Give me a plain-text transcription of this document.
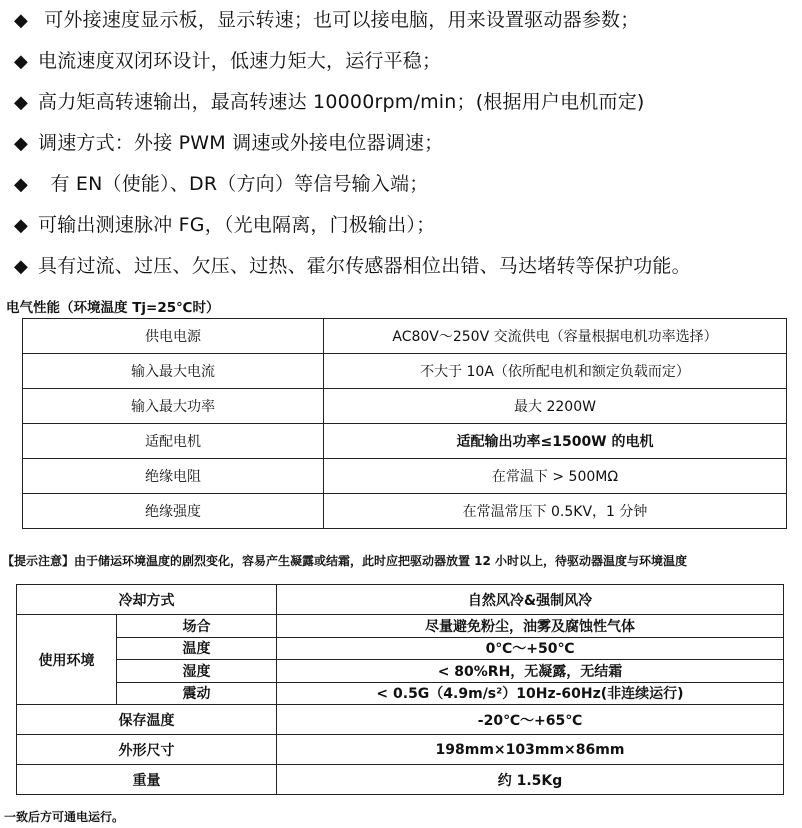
◆ 可外接速度显示板，显示转速；也可以接电脑，用来设置驱动器参数；
◆ 电流速度双闭环设计，低速力矩大，运行平稳；
◆ 高力矩高转速输出，最高转速达 10000rpm/min；(根据用户电机而定)
◆ 调速方式：外接 PWM 调速或外接电位器调速；
◆  有 EN（使能）、DR（方向）等信号输入端；
◆ 可输出测速脉冲 FG，（光电隔离，门极输出）；
◆ 具有过流、过压、欠压、过热、霍尔传感器相位出错、马达堵转等保护功能。
电气性能（环境温度 Tj=25℃时）
供电电源	AC80V～250V 交流供电（容量根据电机功率选择）
输入最大电流	不大于 10A（依所配电机和额定负载而定）
输入最大功率	最大 2200W
适配电机	适配输出功率≤1500W 的电机
绝缘电阻	在常温下 > 500MΩ
绝缘强度	在常温常压下 0.5KV，1 分钟
【提示注意】由于储运环境温度的剧烈变化，容易产生凝露或结霜，此时应把驱动器放置 12 小时以上，待驱动器温度与环境温度
冷却方式		自然风冷&强制风冷
使用环境	场合	尽量避免粉尘，油雾及腐蚀性气体
	温度	0℃～+50℃
	湿度	< 80%RH，无凝露，无结霜
	震动	< 0.5G（4.9m/s²）10Hz-60Hz(非连续运行)
保存温度		-20℃～+65℃
外形尺寸		198mm×103mm×86mm
重量		约 1.5Kg
一致后方可通电运行。
